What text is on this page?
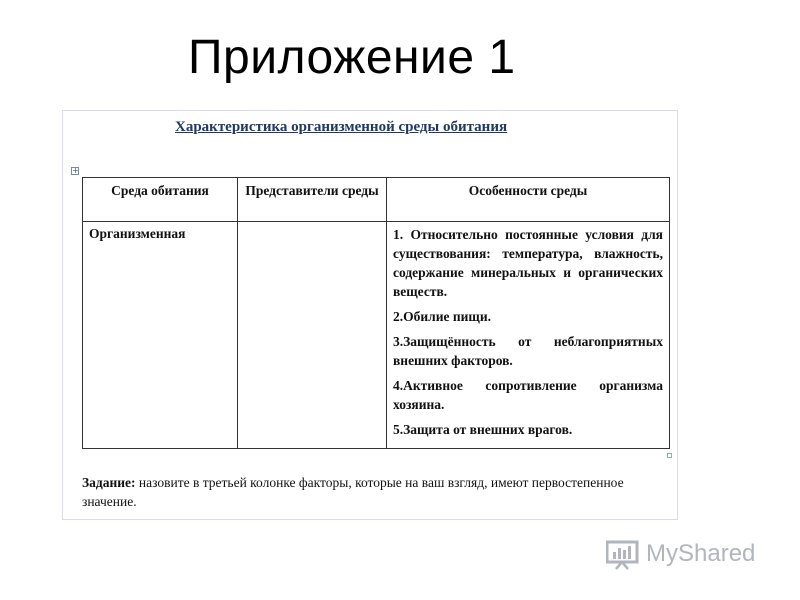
Приложение 1
Характеристика организменной среды обитания
+
Среда обитания	Представители среды	Особенности среды

Организменная		1. Относительно постоянные условия для существования: температура, влажность, содержание минеральных и органических веществ.

2.Обилие пищи.

3.Защищённость от неблагоприятных внешних факторов.

4.Активное сопротивление организма хозяина.

5.Защита от внешних врагов.

Задание: назовите в третьей колонке факторы, которые на ваш взгляд, имеют первостепенное значение.
MyShared
